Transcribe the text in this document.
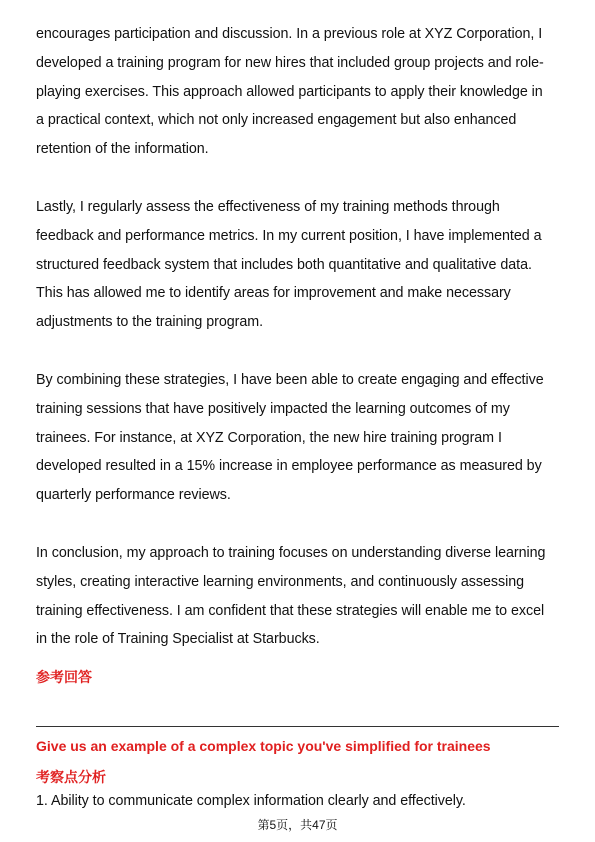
encourages participation and discussion. In a previous role at XYZ Corporation, I
developed a training program for new hires that included group projects and role-
playing exercises. This approach allowed participants to apply their knowledge in
a practical context, which not only increased engagement but also enhanced
retention of the information.
Lastly, I regularly assess the effectiveness of my training methods through
feedback and performance metrics. In my current position, I have implemented a
structured feedback system that includes both quantitative and qualitative data.
This has allowed me to identify areas for improvement and make necessary
adjustments to the training program.
By combining these strategies, I have been able to create engaging and effective
training sessions that have positively impacted the learning outcomes of my
trainees. For instance, at XYZ Corporation, the new hire training program I
developed resulted in a 15% increase in employee performance as measured by
quarterly performance reviews.
In conclusion, my approach to training focuses on understanding diverse learning
styles, creating interactive learning environments, and continuously assessing
training effectiveness. I am confident that these strategies will enable me to excel
in the role of Training Specialist at Starbucks.

参考回答

Give us an example of a complex topic you've simplified for trainees

考察点分析

1. Ability to communicate complex information clearly and effectively.

第5页，共47页
